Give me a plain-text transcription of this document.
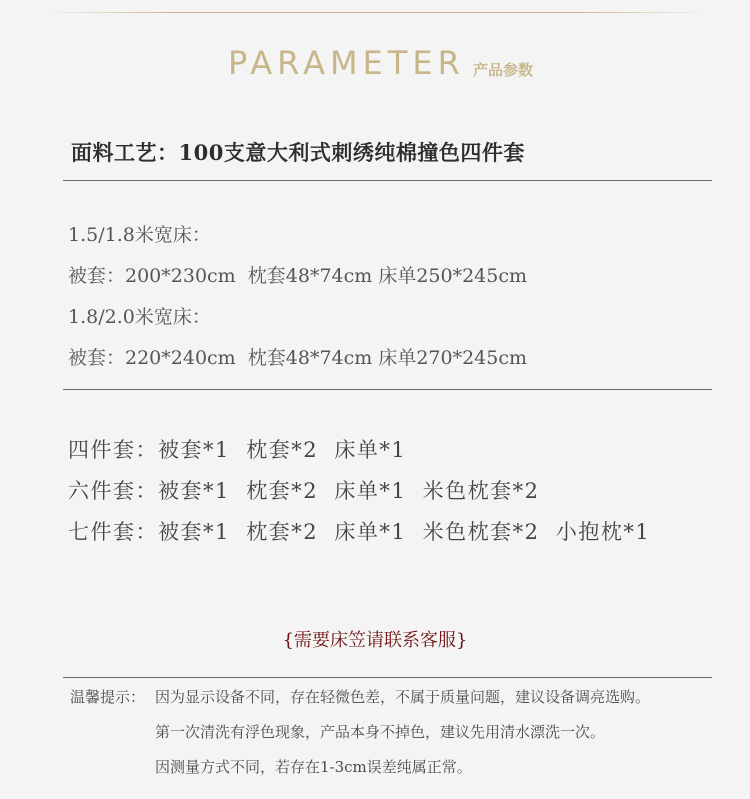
PARAMETER 产品参数
面料工艺：100支意大利式刺绣纯棉撞色四件套
1.5/1.8米宽床：
被套：200*230cm  枕套48*74cm 床单250*245cm
1.8/2.0米宽床：
被套：220*240cm  枕套48*74cm 床单270*245cm
四件套：被套*1  枕套*2  床单*1
六件套：被套*1  枕套*2  床单*1  米色枕套*2
七件套：被套*1  枕套*2  床单*1  米色枕套*2  小抱枕*1
{需要床笠请联系客服}
温馨提示： 因为显示设备不同，存在轻微色差，不属于质量问题，建议设备调亮选购。
第一次清洗有浮色现象，产品本身不掉色，建议先用清水漂洗一次。
因测量方式不同，若存在1-3cm误差纯属正常。
